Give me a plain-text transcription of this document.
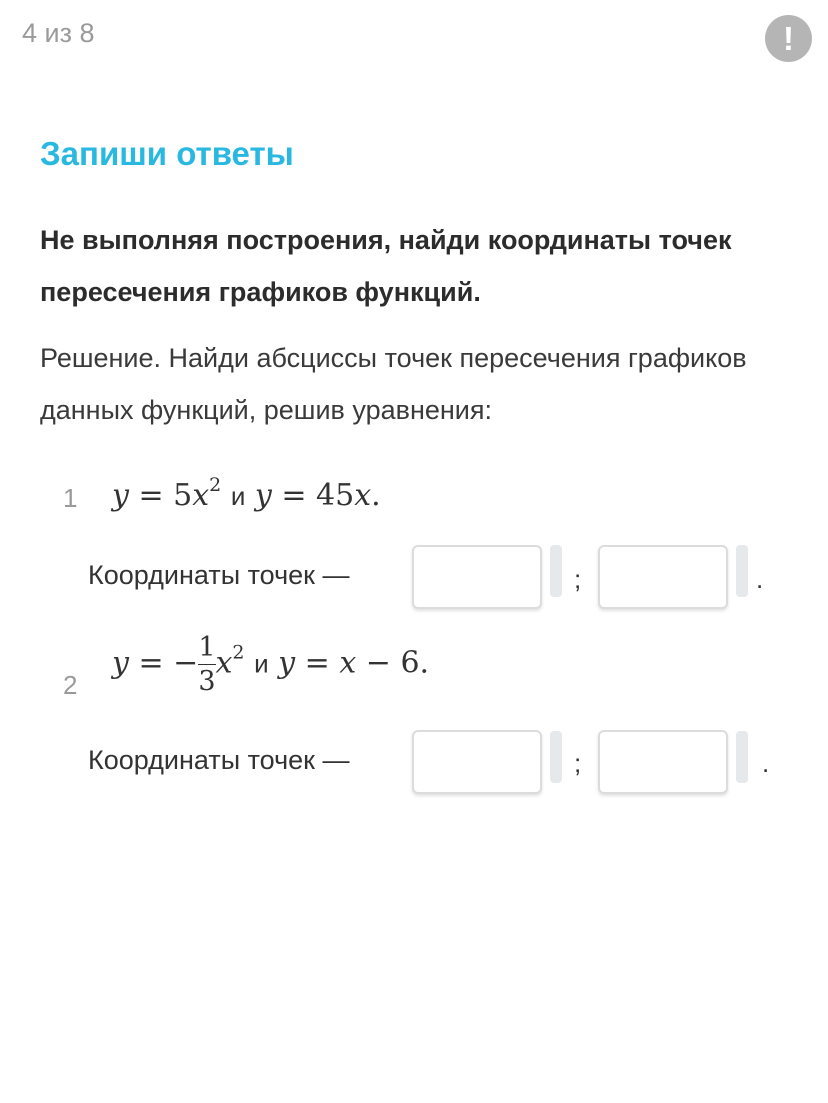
4 из 8	!
Запиши ответы

Не выполняя построения, найди координаты точек пересечения графиков функций.

Решение. Найди абсциссы точек пересечения графиков данных функций, решив уравнения:

1 $y = 5x^2$ и y = 45x.
Координаты точек —	;	.
2
y = − $\frac{1}{3} x^2$ и y = x − 6.
Координаты точек —	;	.
